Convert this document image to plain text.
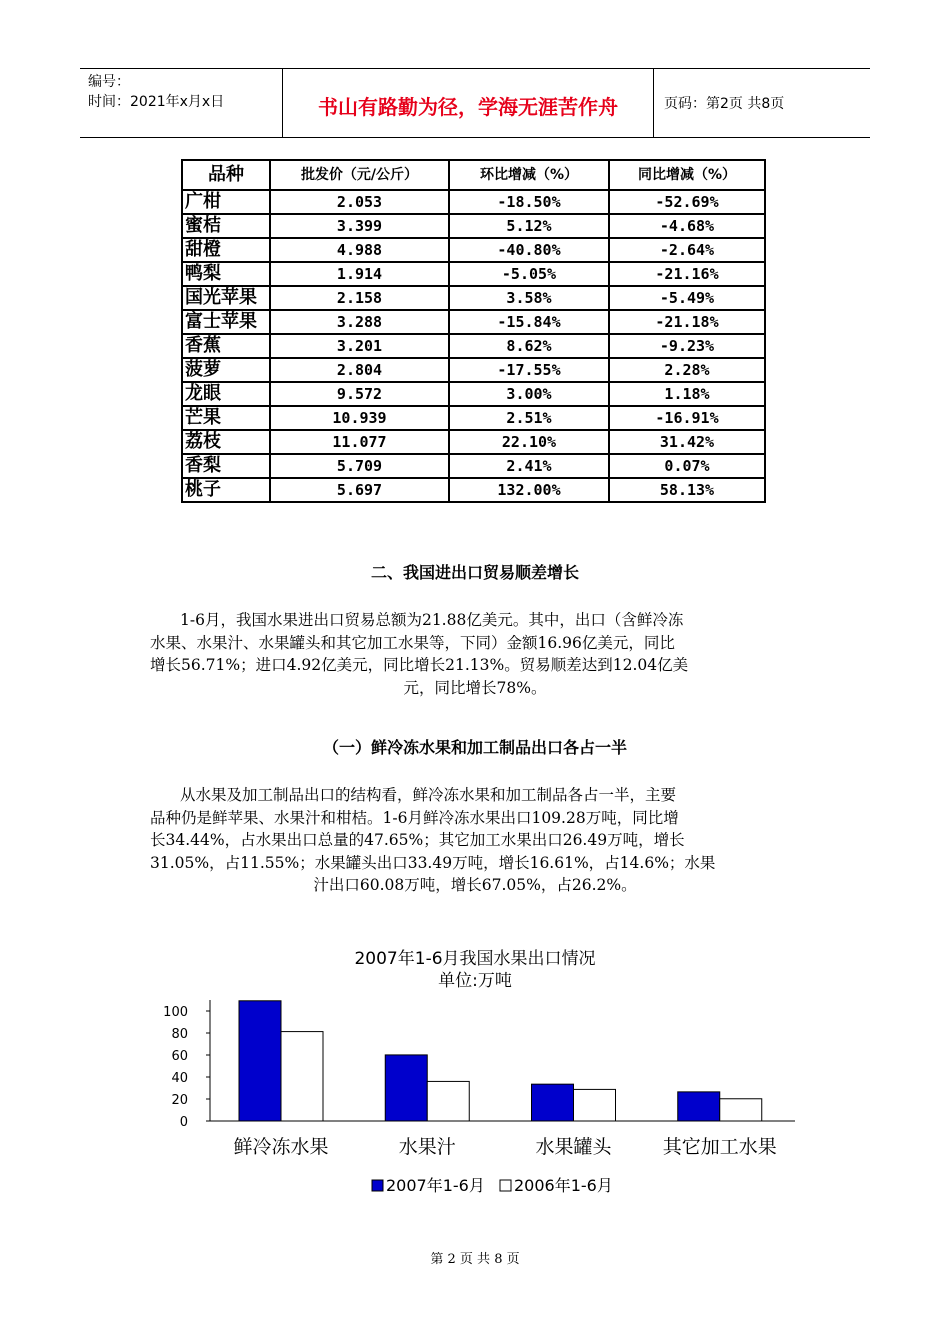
编号：
时间：2021年x月x日	书山有路勤为径，学海无涯苦作舟	页码：第2页 共8页
品种	批发价（元/公斤）	环比增减（%）	同比增减（%）
广柑	2.053	-18.50%	-52.69%
蜜桔	3.399	5.12%	-4.68%
甜橙	4.988	-40.80%	-2.64%
鸭梨	1.914	-5.05%	-21.16%
国光苹果	2.158	3.58%	-5.49%
富士苹果	3.288	-15.84%	-21.18%
香蕉	3.201	8.62%	-9.23%
菠萝	2.804	-17.55%	2.28%
龙眼	9.572	3.00%	1.18%
芒果	10.939	2.51%	-16.91%
荔枝	11.077	22.10%	31.42%
香梨	5.709	2.41%	0.07%
桃子	5.697	132.00%	58.13%
二、我国进出口贸易顺差增长
1-6月，我国水果进出口贸易总额为21.88亿美元。其中，出口（含鲜冷冻
水果、水果汁、水果罐头和其它加工水果等，下同）金额16.96亿美元，同比
增长56.71%；进口4.92亿美元，同比增长21.13%。贸易顺差达到12.04亿美
元，同比增长78%。
（一）鲜冷冻水果和加工制品出口各占一半
从水果及加工制品出口的结构看，鲜冷冻水果和加工制品各占一半，主要
品种仍是鲜苹果、水果汁和柑桔。1-6月鲜冷冻水果出口109.28万吨，同比增
长34.44%，占水果出口总量的47.65%；其它加工水果出口26.49万吨，增长
31.05%，占11.55%；水果罐头出口33.49万吨，增长16.61%，占14.6%；水果
汁出口60.08万吨，增长67.05%，占26.2%。
2007年1-6月我国水果出口情况
单位:万吨
0
20
40
60
80
100
鲜冷冻水果	水果汁	水果罐头	其它加工水果
2007年1-6月 2006年1-6月
第 2 页 共 8 页
